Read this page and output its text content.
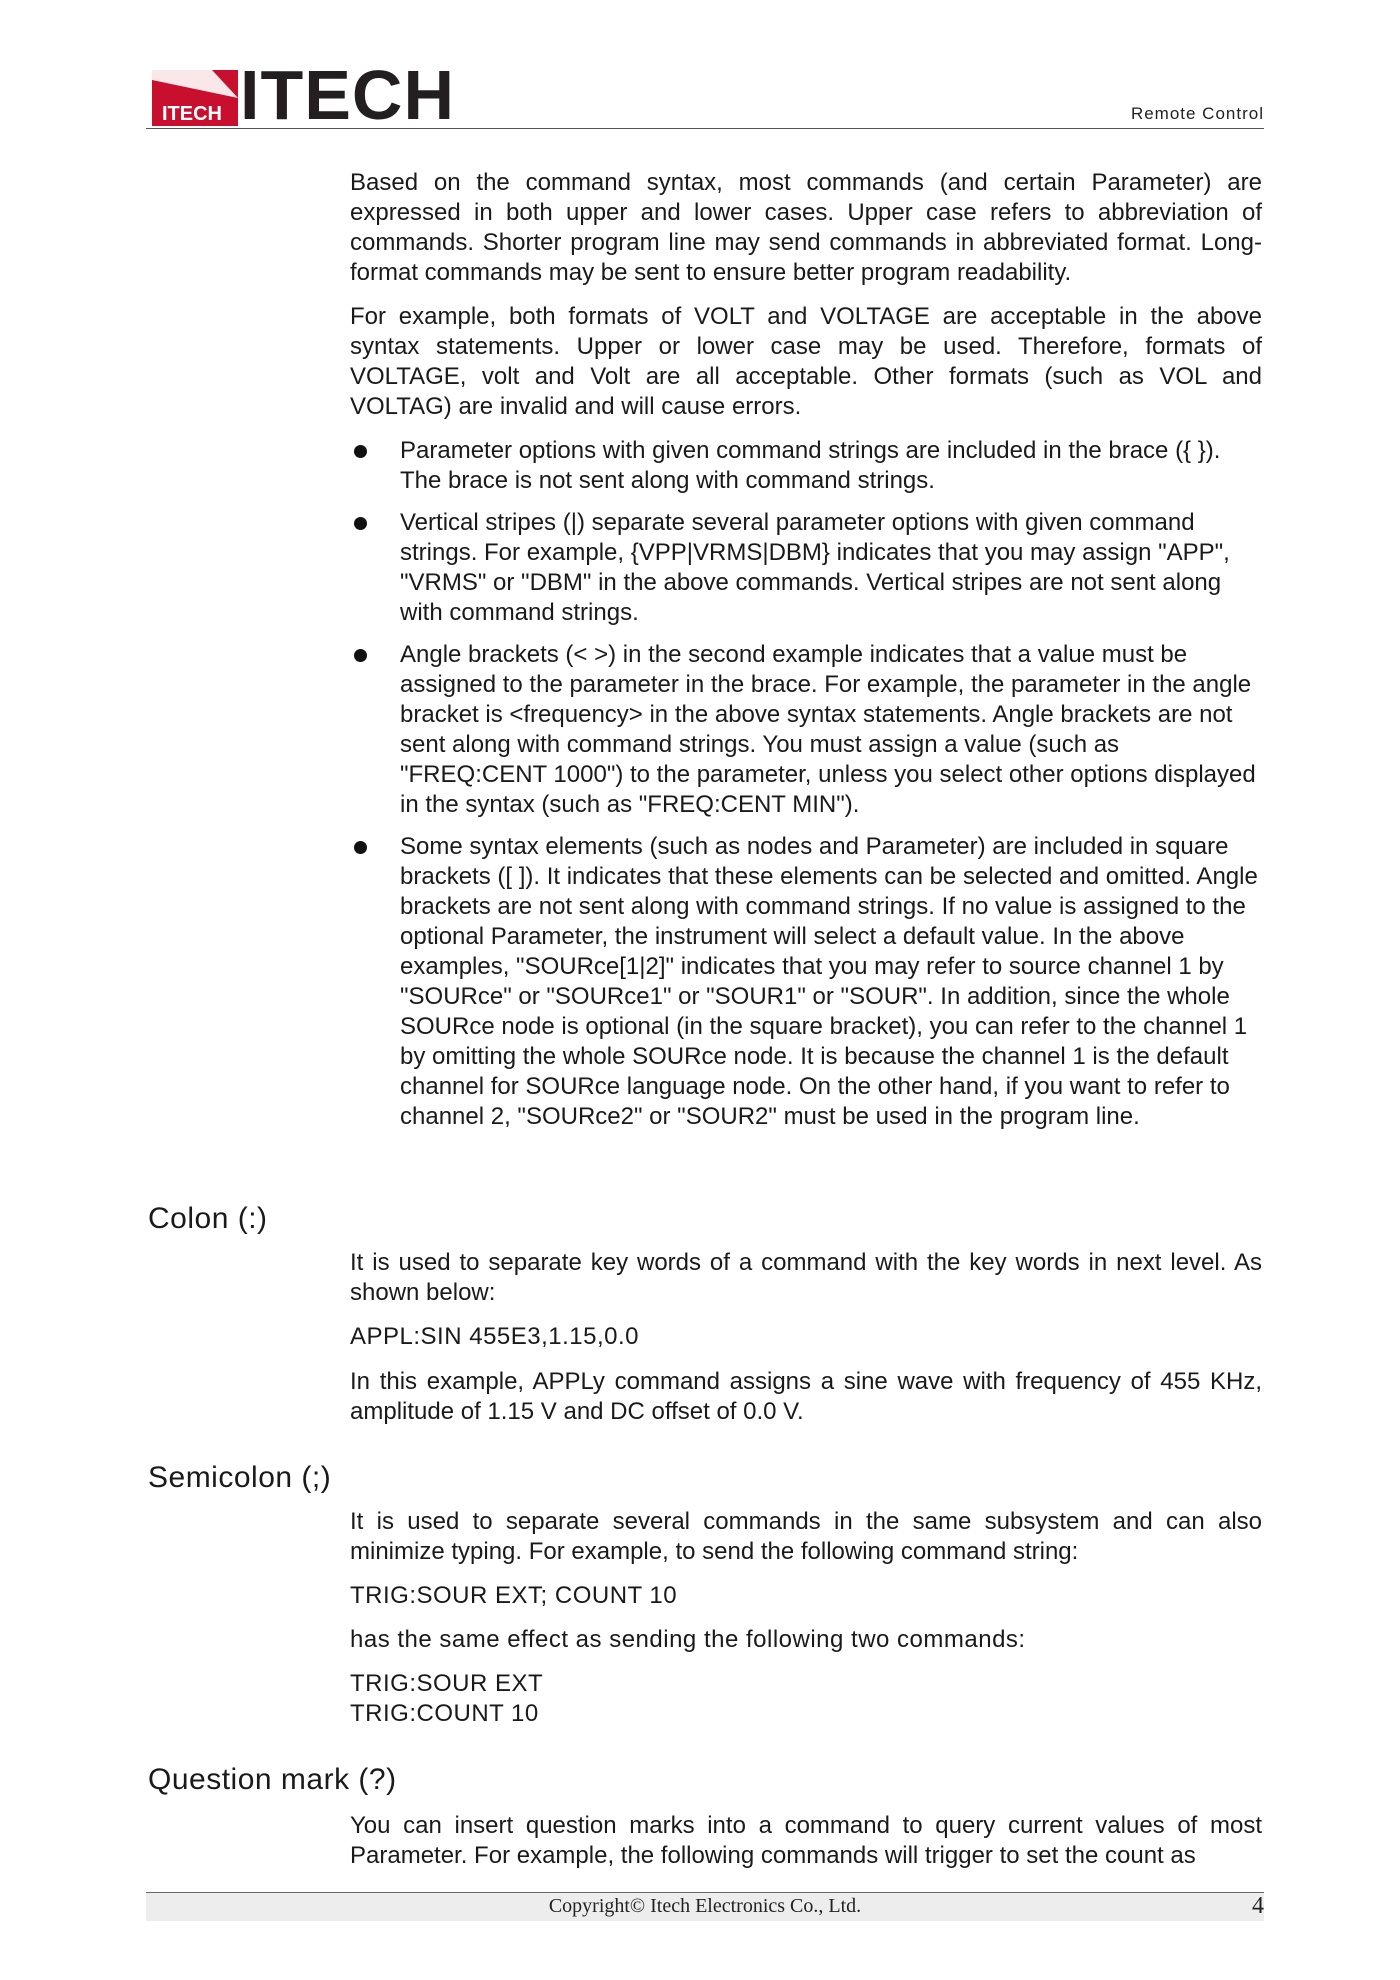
ITECH ITECH	Remote Control

Based on the command syntax, most commands (and certain Parameter) are expressed in both upper and lower cases. Upper case refers to abbreviation of commands. Shorter program line may send commands in abbreviated format. Long-format commands may be sent to ensure better program readability.

For example, both formats of VOLT and VOLTAGE are acceptable in the above syntax statements. Upper or lower case may be used. Therefore, formats of VOLTAGE, volt and Volt are all acceptable. Other formats (such as VOL and VOLTAG) are invalid and will cause errors.

Parameter options with given command strings are included in the brace ({ }). The brace is not sent along with command strings.
Vertical stripes (|) separate several parameter options with given command strings. For example, {VPP|VRMS|DBM} indicates that you may assign "APP", "VRMS" or "DBM" in the above commands. Vertical stripes are not sent along with command strings.
Angle brackets (< >) in the second example indicates that a value must be assigned to the parameter in the brace. For example, the parameter in the angle bracket is <frequency> in the above syntax statements. Angle brackets are not sent along with command strings. You must assign a value (such as "FREQ:CENT 1000") to the parameter, unless you select other options displayed in the syntax (such as "FREQ:CENT MIN").
Some syntax elements (such as nodes and Parameter) are included in square brackets ([ ]). It indicates that these elements can be selected and omitted. Angle brackets are not sent along with command strings. If no value is assigned to the optional Parameter, the instrument will select a default value. In the above examples, "SOURce[1|2]" indicates that you may refer to source channel 1 by "SOURce" or "SOURce1" or "SOUR1" or "SOUR". In addition, since the whole SOURce node is optional (in the square bracket), you can refer to the channel 1 by omitting the whole SOURce node. It is because the channel 1 is the default channel for SOURce language node. On the other hand, if you want to refer to channel 2, "SOURce2" or "SOUR2" must be used in the program line.
Colon (:)

It is used to separate key words of a command with the key words in next level. As shown below:

APPL:SIN 455E3,1.15,0.0

In this example, APPLy command assigns a sine wave with frequency of 455 KHz, amplitude of 1.15 V and DC offset of 0.0 V.

Semicolon (;)

It is used to separate several commands in the same subsystem and can also minimize typing. For example, to send the following command string:

TRIG:SOUR EXT; COUNT 10
has the same effect as sending the following two commands:
TRIG:SOUR EXT
TRIG:COUNT 10
Question mark (?)

You can insert question marks into a command to query current values of most Parameter. For example, the following commands will trigger to set the count as

Copyright© Itech Electronics Co., Ltd.	4
